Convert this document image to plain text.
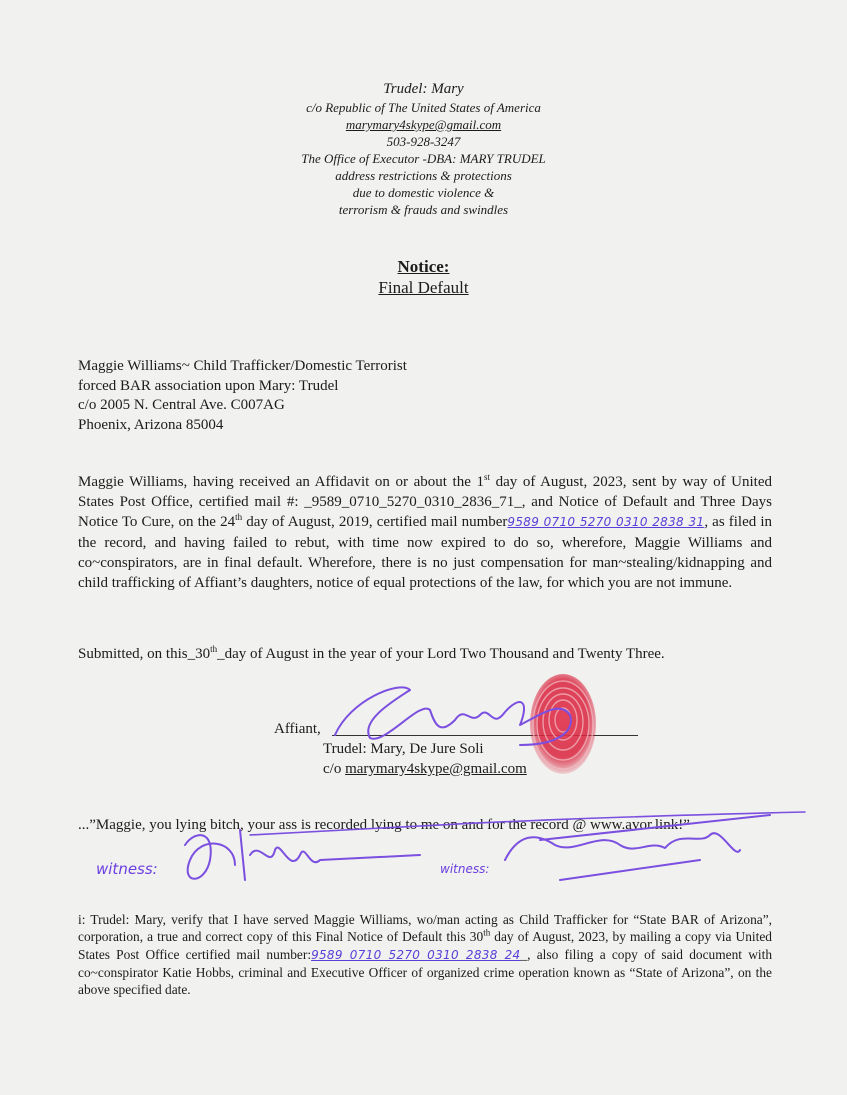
Trudel: Mary
c/o Republic of The United States of America
marymary4skype@gmail.com
503-928-3247
The Office of Executor -DBA: MARY TRUDEL
address restrictions & protections
due to domestic violence &
terrorism & frauds and swindles
Notice:
Final Default
Maggie Williams~ Child Trafficker/Domestic Terrorist
forced BAR association upon Mary: Trudel
c/o 2005 N. Central Ave. C007AG
Phoenix, Arizona 85004
Maggie Williams, having received an Affidavit on or about the 1st day of August, 2023, sent by way of United States Post Office, certified mail #: _9589_0710_5270_0310_2836_71_, and Notice of Default and Three Days Notice To Cure, on the 24th day of August, 2019, certified mail number9589 0710 5270 0310 2838 31, as filed in the record, and having failed to rebut, with time now expired to do so, wherefore, Maggie Williams and co~conspirators, are in final default. Wherefore, there is no just compensation for man~stealing/kidnapping and child trafficking of Affiant’s daughters, notice of equal protections of the law, for which you are not immune.
Submitted, on this_30th_day of August in the year of your Lord Two Thousand and Twenty Three.
Affiant,
Trudel: Mary, De Jure Soli
c/o marymary4skype@gmail.com
...”Maggie, you lying bitch, your ass is recorded lying to me on and for the record @ www.avor.link!”
witness:	witness:
i: Trudel: Mary, verify that I have served Maggie Williams, wo/man acting as Child Trafficker for “State BAR of Arizona”, corporation, a true and correct copy of this Final Notice of Default this 30th day of August, 2023, by mailing a copy via United States Post Office certified mail number:9589 0710 5270 0310 2838 24_, also filing a copy of said document with co~conspirator Katie Hobbs, criminal and Executive Officer of organized crime operation known as “State of Arizona”, on the above specified date.
